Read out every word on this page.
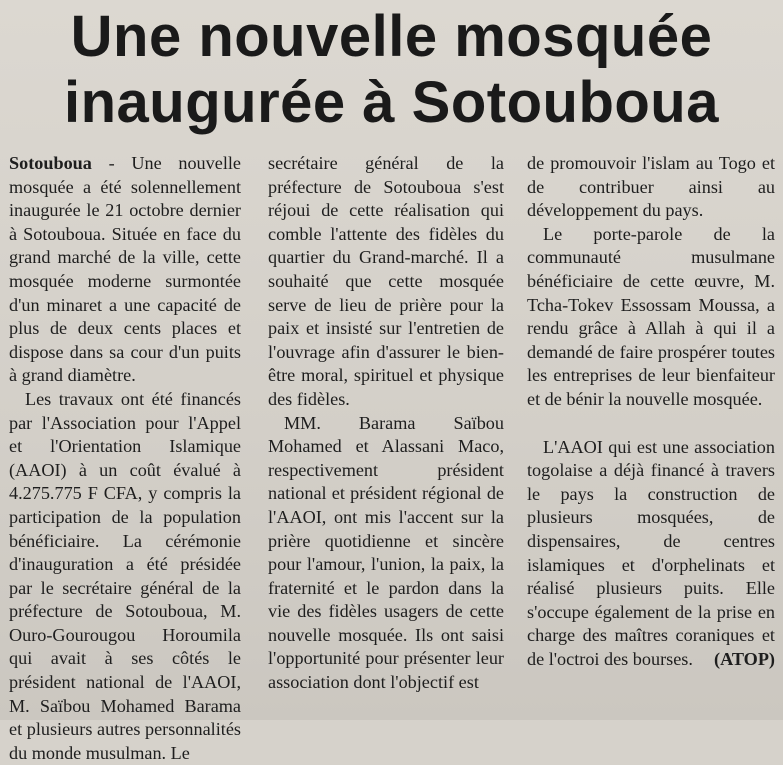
Une nouvelle mosquée
inaugurée à Sotouboua

Sotouboua - Une nouvelle mosquée a été solennellement inaugurée le 21 octobre dernier à Sotouboua. Située en face du grand marché de la ville, cette mosquée moderne surmontée d'un minaret a une capacité de plus de deux cents places et dispose dans sa cour d'un puits à grand diamètre.

Les travaux ont été financés par l'Association pour l'Appel et l'Orientation Islamique (AAOI) à un coût évalué à 4.275.775 F CFA, y compris la participation de la population bénéficiaire. La cérémonie d'inauguration a été présidée par le secrétaire général de la préfecture de Sotouboua, M. Ouro-Gourougou Horoumila qui avait à ses côtés le président national de l'AAOI, M. Saïbou Mohamed Barama et plusieurs autres personnalités du monde musulman. Le

secrétaire général de la préfecture de Sotouboua s'est réjoui de cette réalisation qui comble l'attente des fidèles du quartier du Grand-marché. Il a souhaité que cette mosquée serve de lieu de prière pour la paix et insisté sur l'entretien de l'ouvrage afin d'assurer le bien-être moral, spirituel et physique des fidèles.

MM. Barama Saïbou Mohamed et Alassani Maco, respectivement président national et président régional de l'AAOI, ont mis l'accent sur la prière quotidienne et sincère pour l'amour, l'union, la paix, la fraternité et le pardon dans la vie des fidèles usagers de cette nouvelle mosquée. Ils ont saisi l'opportunité pour présenter leur association dont l'objectif est

de promouvoir l'islam au Togo et de contribuer ainsi au développement du pays.

Le porte-parole de la communauté musulmane bénéficiaire de cette œuvre, M. Tcha-Tokev Essossam Moussa, a rendu grâce à Allah à qui il a demandé de faire prospérer toutes les entreprises de leur bienfaiteur et de bénir la nouvelle mosquée.

L'AAOI qui est une association togolaise a déjà financé à travers le pays la construction de plusieurs mosquées, de dispensaires, de centres islamiques et d'orphelinats et réalisé plusieurs puits. Elle s'occupe également de la prise en charge des maîtres coraniques et de l'octroi des bourses.	(ATOP)
